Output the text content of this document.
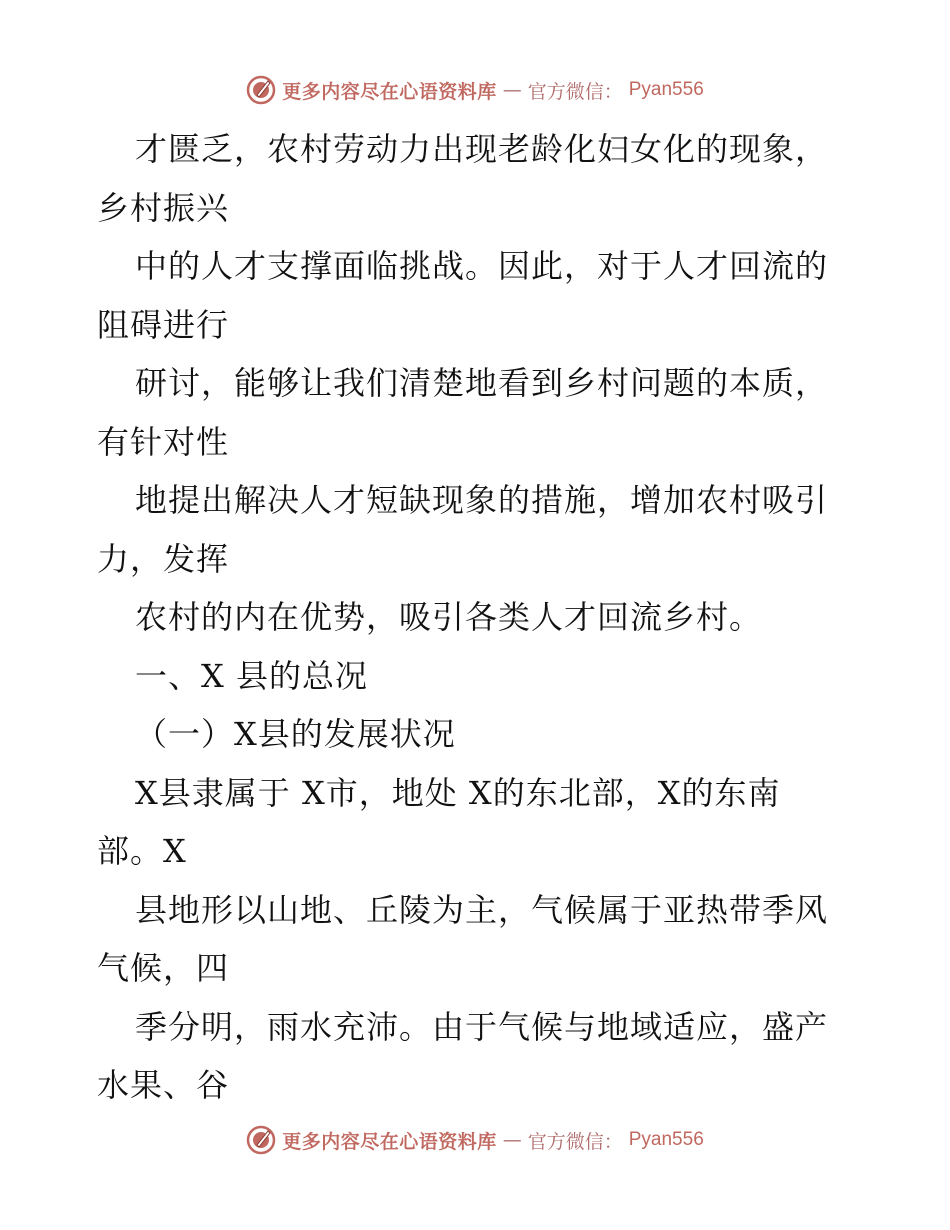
更多内容尽在心语资料库 — 官方微信： Pyan556
才匮乏，农村劳动力出现老龄化妇女化的现象，
乡村振兴
中的人才支撑面临挑战。因此，对于人才回流的
阻碍进行
研讨，能够让我们清楚地看到乡村问题的本质，
有针对性
地提出解决人才短缺现象的措施，增加农村吸引
力，发挥
农村的内在优势，吸引各类人才回流乡村。
一、X 县的总况
（一）X县的发展状况
X县隶属于 X市，地处 X的东北部，X的东南
部。X
县地形以山地、丘陵为主，气候属于亚热带季风
气候，四
季分明，雨水充沛。由于气候与地域适应，盛产
水果、谷
更多内容尽在心语资料库 — 官方微信： Pyan556
